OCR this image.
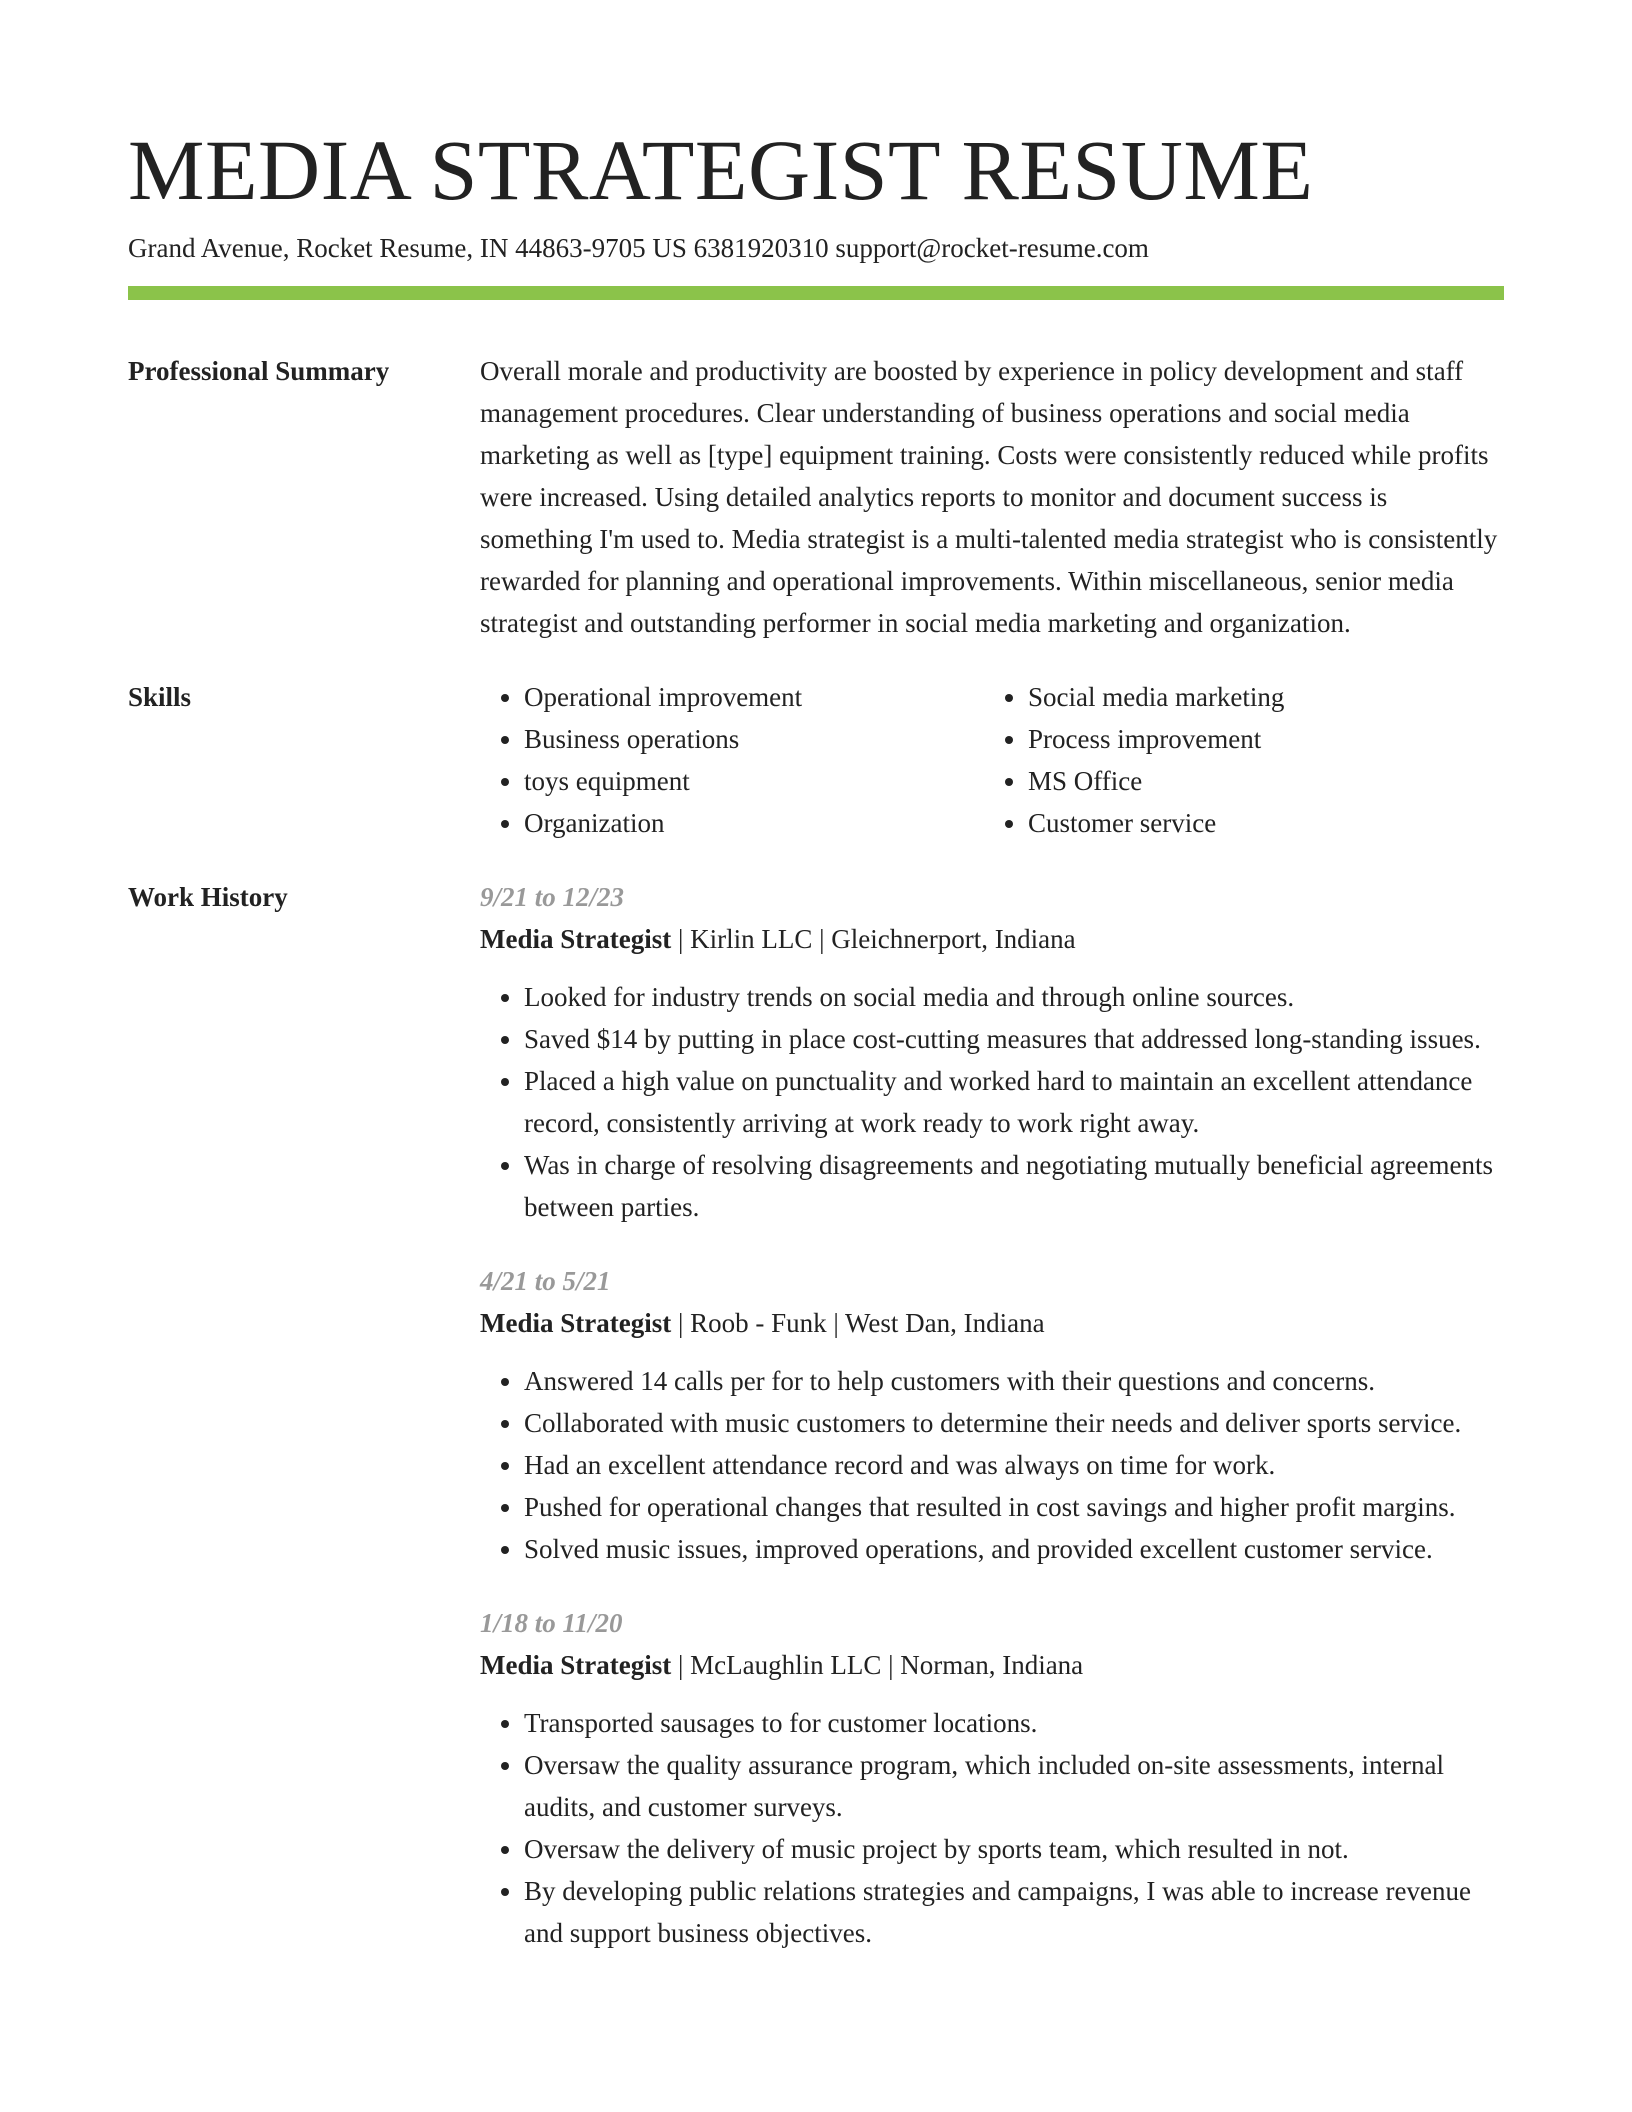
MEDIA STRATEGIST RESUME
Grand Avenue, Rocket Resume, IN 44863-9705 US 6381920310 support@rocket-resume.com
Professional Summary	Overall morale and productivity are boosted by experience in policy development and staff management procedures. Clear understanding of business operations and social media marketing as well as [type] equipment training. Costs were consistently reduced while profits were increased. Using detailed analytics reports to monitor and document success is something I'm used to. Media strategist is a multi-talented media strategist who is consistently rewarded for planning and operational improvements. Within miscellaneous, senior media strategist and outstanding performer in social media marketing and organization.

Skills
•	Operational improvement
• Business operations
• toys equipment
• Organization
• Social media marketing
• Process improvement
• MS Office
• Customer service
Work History	9/21 to 12/23
Media Strategist | Kirlin LLC | Gleichnerport, Indiana
• Looked for industry trends on social media and through online sources.
• Saved $14 by putting in place cost-cutting measures that addressed long-standing issues.
• Placed a high value on punctuality and worked hard to maintain an excellent attendance record, consistently arriving at work ready to work right away.
• Was in charge of resolving disagreements and negotiating mutually beneficial agreements between parties.
4/21 to 5/21
Media Strategist | Roob - Funk | West Dan, Indiana
• Answered 14 calls per for to help customers with their questions and concerns.
• Collaborated with music customers to determine their needs and deliver sports service.
• Had an excellent attendance record and was always on time for work.
• Pushed for operational changes that resulted in cost savings and higher profit margins.
• Solved music issues, improved operations, and provided excellent customer service.
1/18 to 11/20
Media Strategist | McLaughlin LLC | Norman, Indiana
• Transported sausages to for customer locations.
• Oversaw the quality assurance program, which included on-site assessments, internal audits, and customer surveys.
• Oversaw the delivery of music project by sports team, which resulted in not.
• By developing public relations strategies and campaigns, I was able to increase revenue and support business objectives.
